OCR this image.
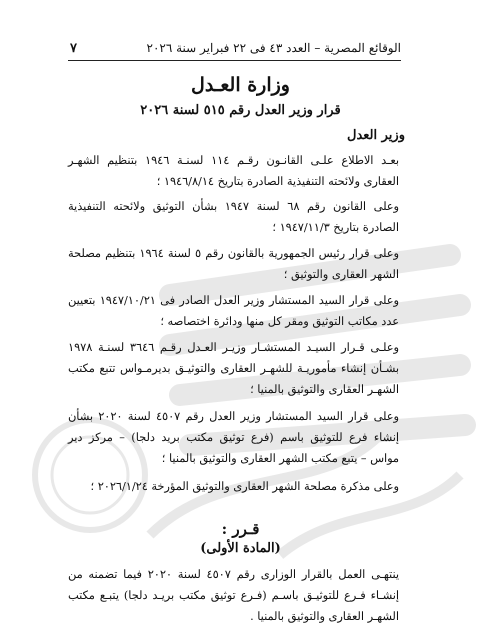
الوقائع المصرية – العدد ٤٣ فى ٢٢ فبراير سنة ٢٠٢٦
٧
وزارة العـدل
قرار وزير العدل رقم ٥١٥ لسنة ٢٠٢٦
وزير العدل

بعـد الاطلاع علـى القانـون رقـم ١١٤ لسنـة ١٩٤٦ بتنظيم الشهـر العقارى ولائحته التنفيذية الصادرة بتاريخ ١٩٤٦/٨/١٤ ؛

وعلى القانون رقم ٦٨ لسنة ١٩٤٧ بشأن التوثيق ولائحته التنفيذية الصادرة بتاريخ ١٩٤٧/١١/٣ ؛

وعلى قرار رئيس الجمهورية بالقانون رقم ٥ لسنة ١٩٦٤ بتنظيم مصلحة الشهر العقارى والتوثيق ؛

وعلى قرار السيد المستشار وزير العدل الصادر فى ١٩٤٧/١٠/٢١ بتعيين عدد مكاتب التوثيق ومقر كل منها ودائرة اختصاصه ؛

وعلـى قـرار السيـد المستشـار وزيـر العـدل رقـم ٣٦٤٦ لسنـة ١٩٧٨ بشـأن إنشاء مأموريـة للشهـر العقارى والتوثيـق بديرمـواس تتبع مكتب الشهـر العقارى والتوثيق بالمنيا ؛

وعلى قرار السيد المستشار وزير العدل رقم ٤٥٠٧ لسنة ٢٠٢٠ بشأن إنشاء فرع للتوثيق باسم (فرع توثيق مكتب بريد دلجا) – مركز دير مواس – يتبع مكتب الشهر العقارى والتوثيق بالمنيا ؛

وعلى مذكرة مصلحة الشهر العقارى والتوثيق المؤرخة ٢٠٢٦/١/٢٤ ؛

قـرر :
(المادة الأولى)

ينتهـى العمل بالقرار الوزارى رقم ٤٥٠٧ لسنة ٢٠٢٠ فيما تضمنه من إنشـاء فـرع للتوثيـق باسـم (فـرع توثيق مكتب بريـد دلجا) يتبـع مكتب الشهـر العقارى والتوثيق بالمنيا .
